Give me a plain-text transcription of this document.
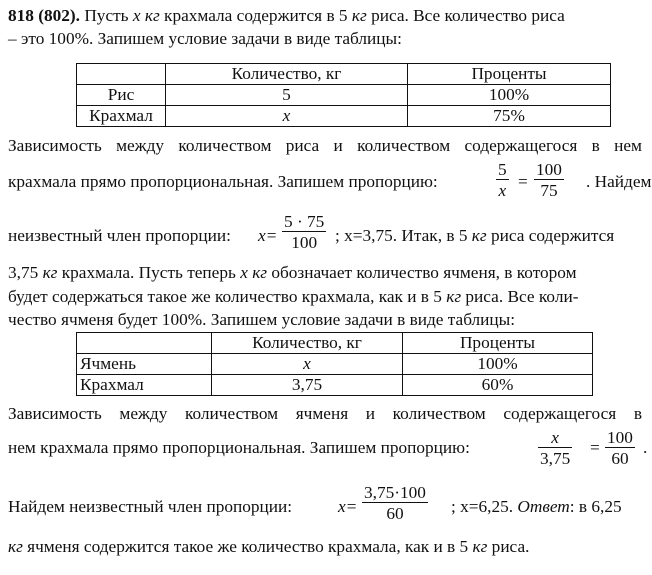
818 (802). Пусть x кг крахмала содержится в 5 кг риса. Все количество риса
– это 100%. Запишем условие задачи в виде таблицы:
	Количество, кг	Проценты
Рис	5	100%
Крахмал	x	75%
Зависимость между количеством риса и количеством содержащегося в нем
крахмала прямо пропорциональная. Запишем пропорцию:	$\frac{5}{x} = \frac{100}{75}$ . Найдем
неизвестный член пропорции: $x= \frac{5 \cdot 75}{100}$ ; x=3,75. Итак, в 5 кг риса содержится
3,75 кг крахмала. Пусть теперь x кг обозначает количество ячменя, в котором
будет содержаться такое же количество крахмала, как и в 5 кг риса. Все коли-
чество ячменя будет 100%. Запишем условие задачи в виде таблицы:
	Количество, кг	Проценты
Ячмень	x	100%
Крахмал	3,75	60%
Зависимость между количеством ячменя и количеством содержащегося в
нем крахмала прямо пропорциональная. Запишем пропорцию:	$\frac{x}{3,75} = \frac{100}{60}$ .
Найдем неизвестный член пропорции:	$x= \frac{3,75\cdot 100}{60}$ ; x=6,25. Ответ: в 6,25
кг ячменя содержится такое же количество крахмала, как и в 5 кг риса.
